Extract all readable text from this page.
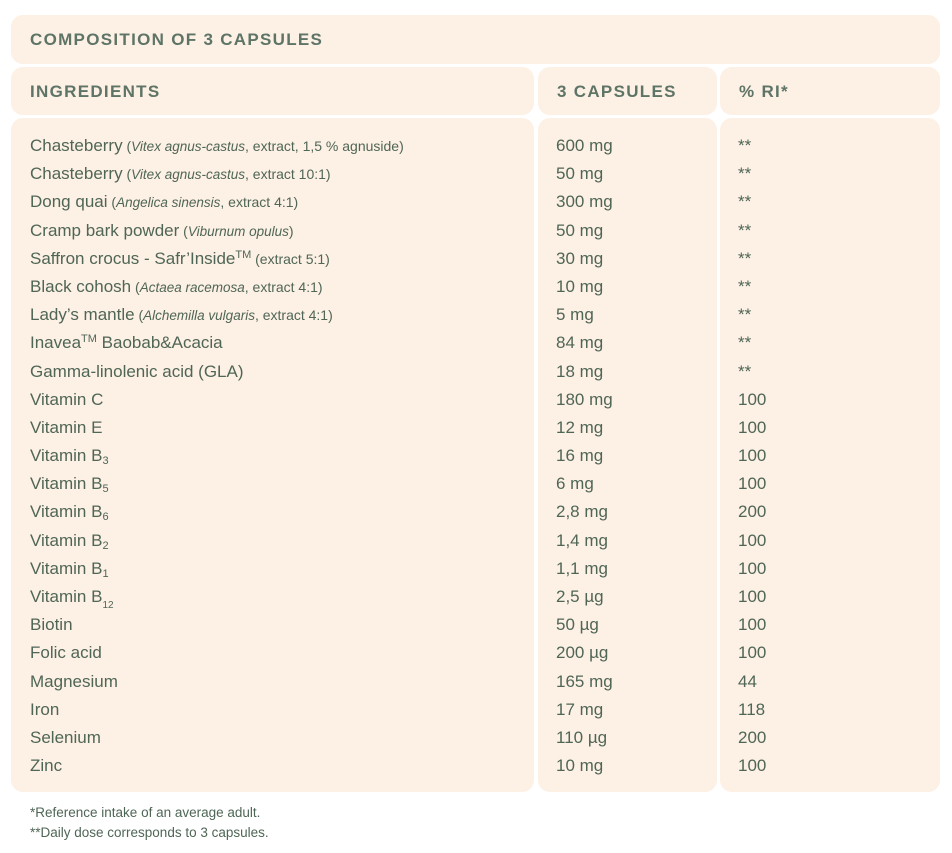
COMPOSITION OF 3 CAPSULES
INGREDIENTS	3 CAPSULES	% RI*
Chasteberry (Vitex agnus-castus, extract, 1,5 % agnuside)
Chasteberry (Vitex agnus-castus, extract 10:1)
Dong quai (Angelica sinensis, extract 4:1)
Cramp bark powder (Viburnum opulus)
Saffron crocus - Safr’Inside™ (extract 5:1)
Black cohosh (Actaea racemosa, extract 4:1)
Lady’s mantle (Alchemilla vulgaris, extract 4:1)
Inavea™ Baobab&Acacia
Gamma-linolenic acid (GLA)
Vitamin C
Vitamin E
Vitamin B3
Vitamin B5
Vitamin B6
Vitamin B2
Vitamin B1
Vitamin $B_{12}$
Biotin
Folic acid
Magnesium
Iron
Selenium
Zinc
600 mg
50 mg
300 mg
50 mg
30 mg
10 mg
5 mg
84 mg
18 mg
180 mg
12 mg
16 mg
6 mg
2,8 mg
1,4 mg
1,1 mg
2,5 µg
50 µg
200 µg
165 mg
17 mg
110 µg
10 mg
**
**
**
**
**
**
**
**
**
100
100
100
100
200
100
100
100
100
100
44
118
200
100
*Reference intake of an average adult.
**Daily dose corresponds to 3 capsules.
